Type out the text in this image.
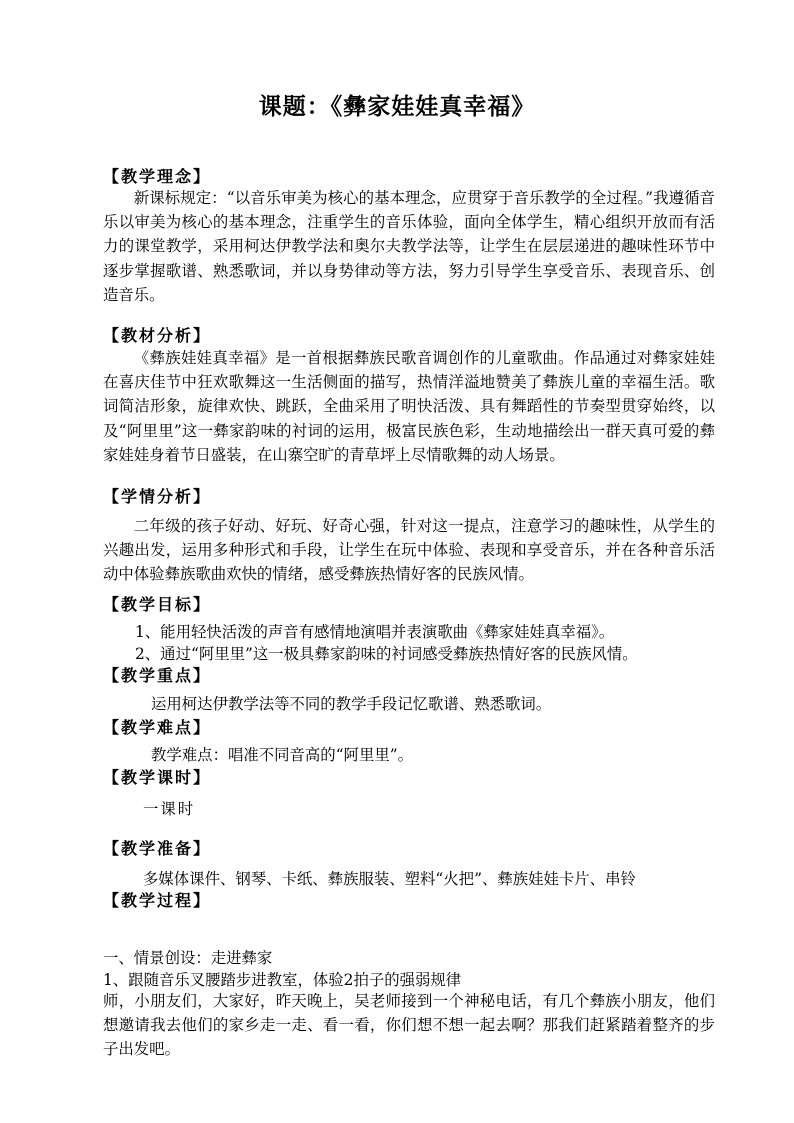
课题：《彝家娃娃真幸福》
【教学理念】
新课标规定：“以音乐审美为核心的基本理念，应贯穿于音乐教学的全过程。”我遵循音乐以审美为核心的基本理念，注重学生的音乐体验，面向全体学生，精心组织开放而有活力的课堂教学，采用柯达伊教学法和奥尔夫教学法等，让学生在层层递进的趣味性环节中逐步掌握歌谱、熟悉歌词，并以身势律动等方法，努力引导学生享受音乐、表现音乐、创造音乐。
【教材分析】
《彝族娃娃真幸福》是一首根据彝族民歌音调创作的儿童歌曲。作品通过对彝家娃娃在喜庆佳节中狂欢歌舞这一生活侧面的描写，热情洋溢地赞美了彝族儿童的幸福生活。歌词简洁形象，旋律欢快、跳跃，全曲采用了明快活泼、具有舞蹈性的节奏型贯穿始终，以及“阿里里”这一彝家韵味的衬词的运用，极富民族色彩，生动地描绘出一群天真可爱的彝家娃娃身着节日盛装，在山寨空旷的青草坪上尽情歌舞的动人场景。
【学情分析】
二年级的孩子好动、好玩、好奇心强，针对这一提点，注意学习的趣味性，从学生的兴趣出发，运用多种形式和手段，让学生在玩中体验、表现和享受音乐，并在各种音乐活动中体验彝族歌曲欢快的情绪，感受彝族热情好客的民族风情。
【教学目标】
1、能用轻快活泼的声音有感情地演唱并表演歌曲《彝家娃娃真幸福》。
2、通过“阿里里”这一极具彝家韵味的衬词感受彝族热情好客的民族风情。
【教学重点】
运用柯达伊教学法等不同的教学手段记忆歌谱、熟悉歌词。
【教学难点】
教学难点：唱准不同音高的“阿里里”。
【教学课时】
一课时
【教学准备】
多媒体课件、钢琴、卡纸、彝族服装、塑料“火把”、彝族娃娃卡片、串铃
【教学过程】
一、情景创设：走进彝家
1、跟随音乐叉腰踏步进教室，体验2拍子的强弱规律
师，小朋友们，大家好，昨天晚上，吴老师接到一个神秘电话，有几个彝族小朋友，他们想邀请我去他们的家乡走一走、看一看，你们想不想一起去啊？那我们赶紧踏着整齐的步子出发吧。
